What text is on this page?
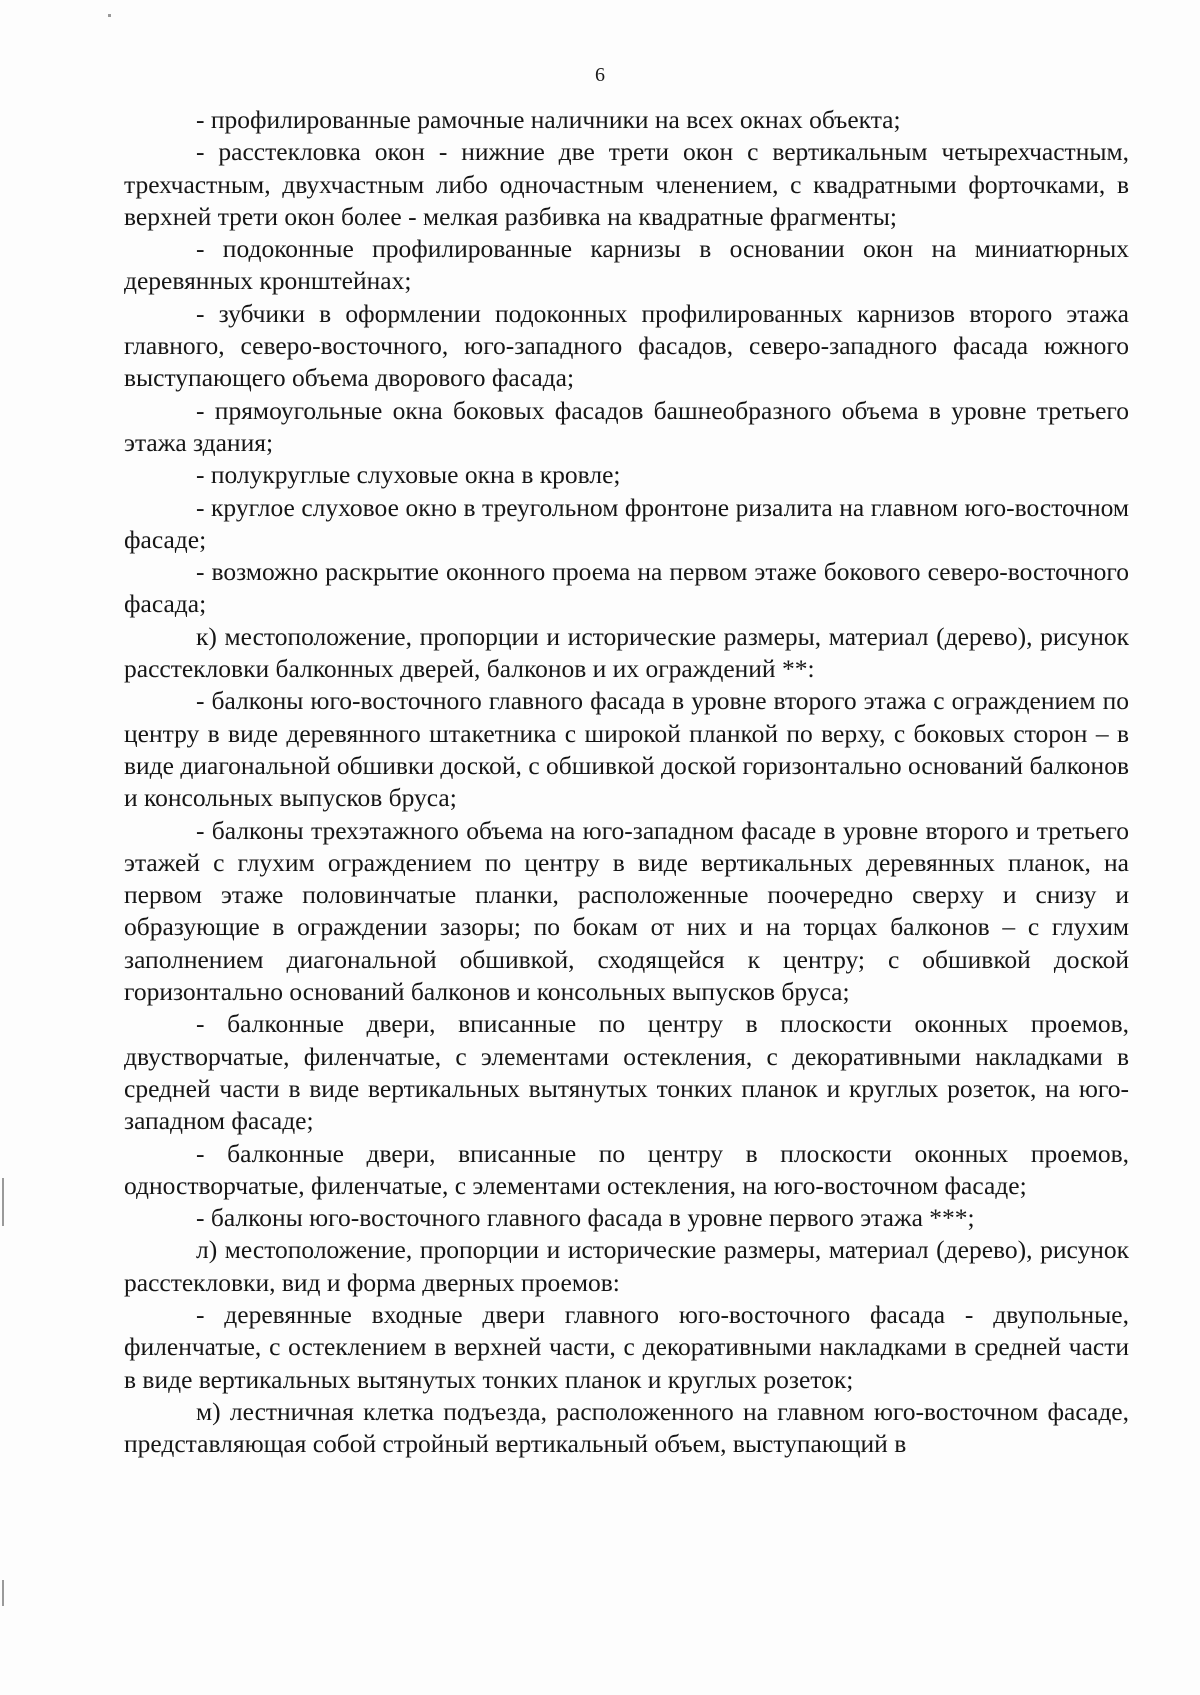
6

- профилированные рамочные наличники на всех окнах объекта;

- расстекловка окон - нижние две трети окон с вертикальным четырехчастным, трехчастным, двухчастным либо одночастным членением, с квадратными форточками, в верхней трети окон более - мелкая разбивка на квадратные фрагменты;

- подоконные профилированные карнизы в основании окон на миниатюрных деревянных кронштейнах;

- зубчики в оформлении подоконных профилированных карнизов второго этажа главного, северо-восточного, юго-западного фасадов, северо-западного фасада южного выступающего объема дворового фасада;

- прямоугольные окна боковых фасадов башнеобразного объема в уровне третьего этажа здания;

- полукруглые слуховые окна в кровле;

- круглое слуховое окно в треугольном фронтоне ризалита на главном юго-восточном фасаде;

- возможно раскрытие оконного проема на первом этаже бокового северо-восточного фасада;

к) местоположение, пропорции и исторические размеры, материал (дерево), рисунок расстекловки балконных дверей, балконов и их ограждений **:

- балконы юго-восточного главного фасада в уровне второго этажа с ограждением по центру в виде деревянного штакетника с широкой планкой по верху, с боковых сторон – в виде диагональной обшивки доской, с обшивкой доской горизонтально оснований балконов и консольных выпусков бруса;

- балконы трехэтажного объема на юго-западном фасаде в уровне второго и третьего этажей с глухим ограждением по центру в виде вертикальных деревянных планок, на первом этаже половинчатые планки, расположенные поочередно сверху и снизу и образующие в ограждении зазоры; по бокам от них и на торцах балконов – с глухим заполнением диагональной обшивкой, сходящейся к центру; с обшивкой доской горизонтально оснований балконов и консольных выпусков бруса;

- балконные двери, вписанные по центру в плоскости оконных проемов, двустворчатые, филенчатые, с элементами остекления, с декоративными накладками в средней части в виде вертикальных вытянутых тонких планок и круглых розеток, на юго-западном фасаде;

- балконные двери, вписанные по центру в плоскости оконных проемов, одностворчатые, филенчатые, с элементами остекления, на юго-восточном фасаде;

- балконы юго-восточного главного фасада в уровне первого этажа ***;

л) местоположение, пропорции и исторические размеры, материал (дерево), рисунок расстекловки, вид и форма дверных проемов:

- деревянные входные двери главного юго-восточного фасада - двупольные, филенчатые, с остеклением в верхней части, с декоративными накладками в средней части в виде вертикальных вытянутых тонких планок и круглых розеток;

м) лестничная клетка подъезда, расположенного на главном юго-восточном фасаде, представляющая собой стройный вертикальный объем, выступающий в
